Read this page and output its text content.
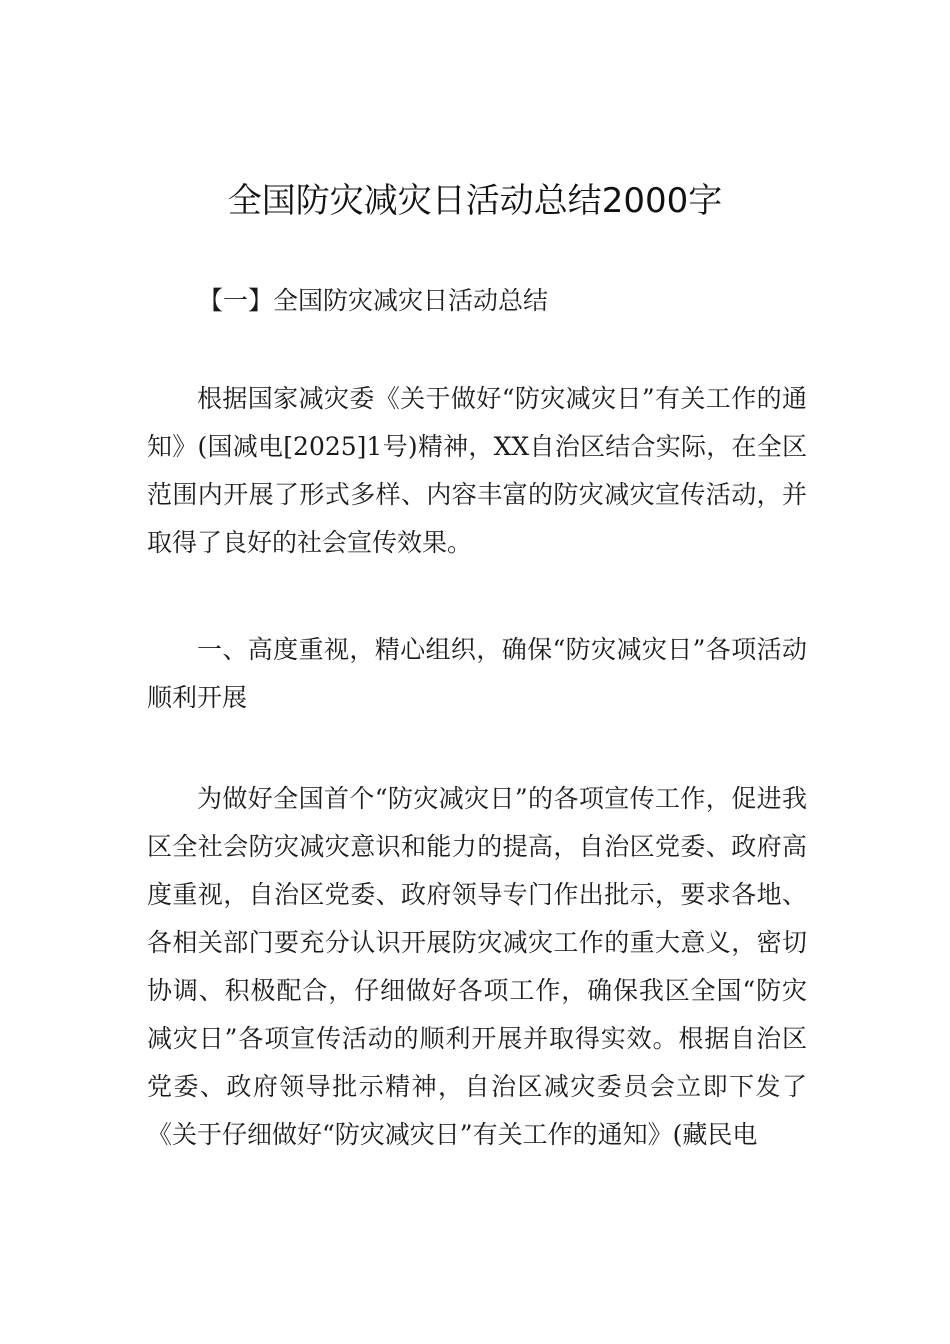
全国防灾减灾日活动总结2000字

【一】全国防灾减灾日活动总结

根据国家减灾委《关于做好“防灾减灾日”有关工作的通知》(国减电[2025]1号)精神，XX自治区结合实际，在全区范围内开展了形式多样、内容丰富的防灾减灾宣传活动，并取得了良好的社会宣传效果。

一、高度重视，精心组织，确保“防灾减灾日”各项活动顺利开展

为做好全国首个“防灾减灾日”的各项宣传工作，促进我区全社会防灾减灾意识和能力的提高，自治区党委、政府高度重视，自治区党委、政府领导专门作出批示，要求各地、各相关部门要充分认识开展防灾减灾工作的重大意义，密切协调、积极配合，仔细做好各项工作，确保我区全国“防灾减灾日”各项宣传活动的顺利开展并取得实效。根据自治区党委、政府领导批示精神，自治区减灾委员会立即下发了《关于仔细做好“防灾减灾日”有关工作的通知》(藏民电
